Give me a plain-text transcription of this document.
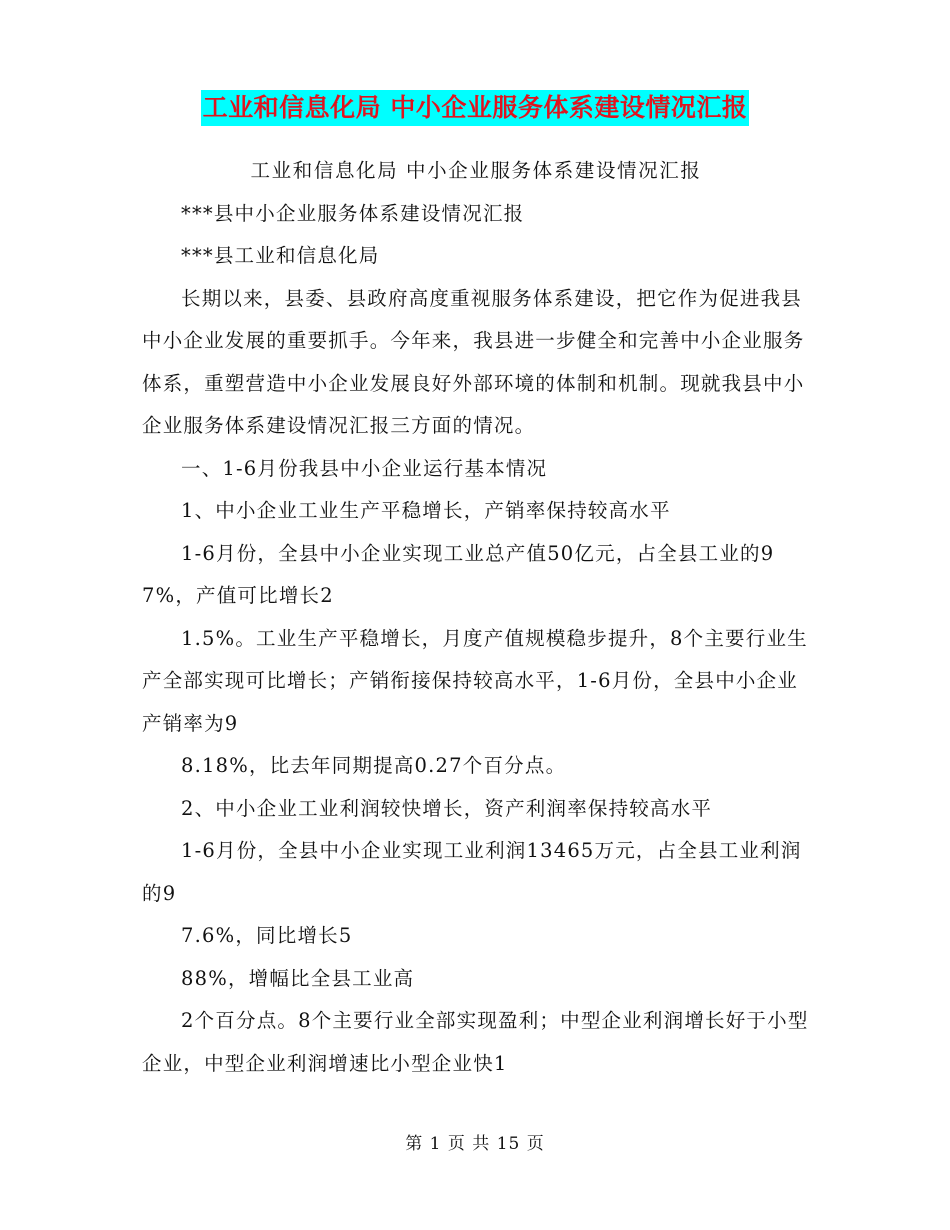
工业和信息化局 中小企业服务体系建设情况汇报

工业和信息化局 中小企业服务体系建设情况汇报

***县中小企业服务体系建设情况汇报

***县工业和信息化局

长期以来，县委、县政府高度重视服务体系建设，把它作为促进我县中小企业发展的重要抓手。今年来，我县进一步健全和完善中小企业服务体系，重塑营造中小企业发展良好外部环境的体制和机制。现就我县中小企业服务体系建设情况汇报三方面的情况。

一、1-6月份我县中小企业运行基本情况

1、中小企业工业生产平稳增长，产销率保持较高水平

1-6月份，全县中小企业实现工业总产值50亿元，占全县工业的97%，产值可比增长2

1.5%。工业生产平稳增长，月度产值规模稳步提升，8个主要行业生产全部实现可比增长；产销衔接保持较高水平，1-6月份，全县中小企业产销率为9

8.18%，比去年同期提高0.27个百分点。

2、中小企业工业利润较快增长，资产利润率保持较高水平

1-6月份，全县中小企业实现工业利润13465万元，占全县工业利润的9

7.6%，同比增长5

88%，增幅比全县工业高

2个百分点。8个主要行业全部实现盈利；中型企业利润增长好于小型企业，中型企业利润增速比小型企业快1

第 1 页 共 15 页
